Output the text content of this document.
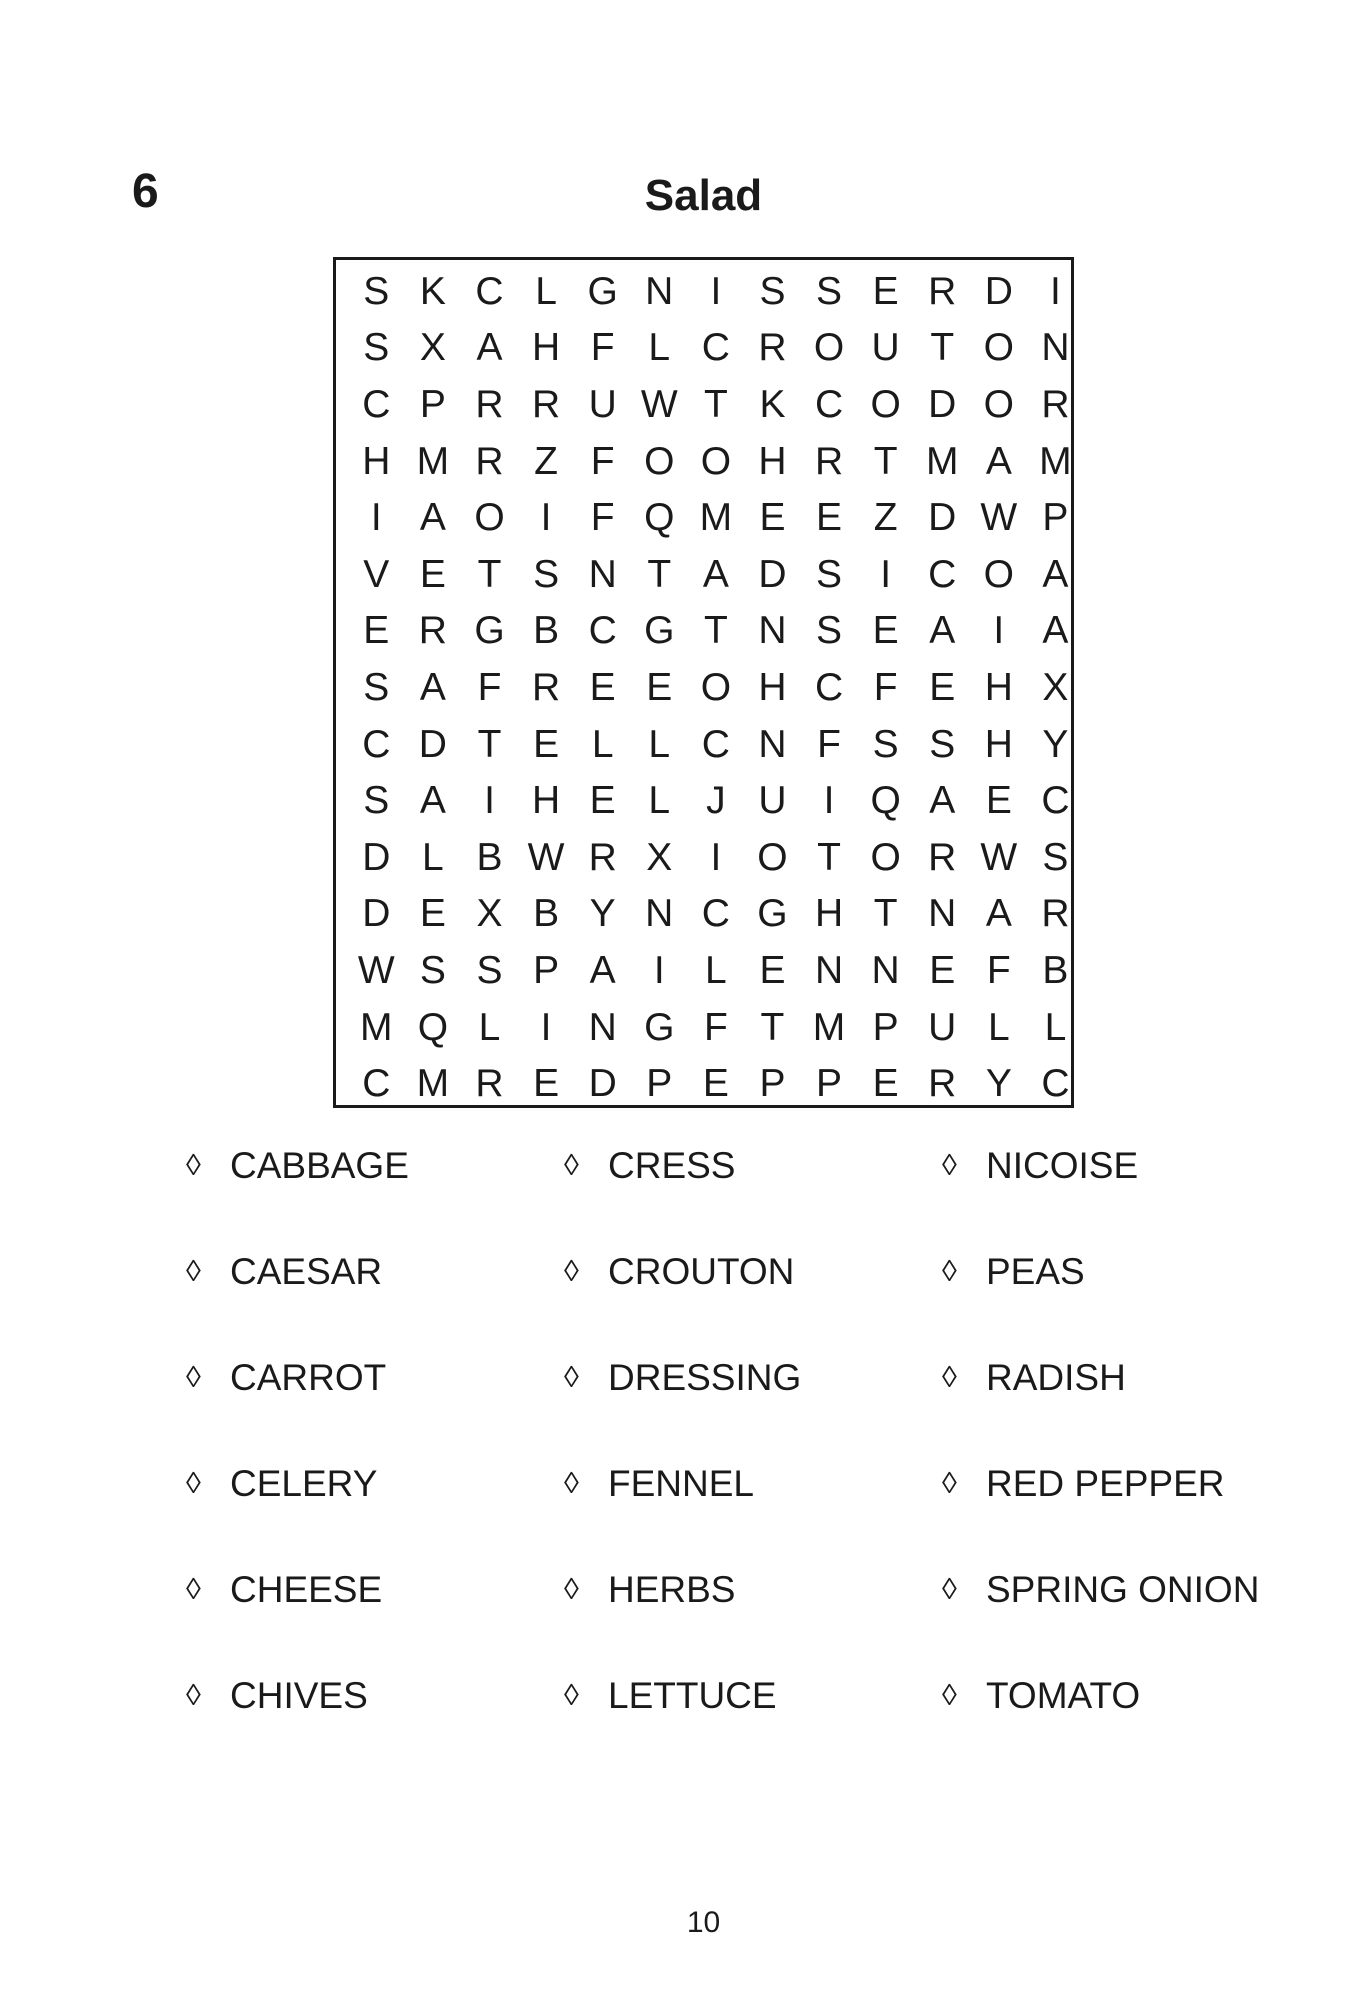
6	Salad
S K C L G N I S S E R D I
S X A H F L C R O U T O N
C P R R U W T K C O D O R
H M R Z F O O H R T M A M
I A O I	F Q M E E Z D W P
V E T S N T A D S I C O A
E R G B C G T N S E A I A
S A F R E E O H C F E H X
C D T E L L C N F S S H Y
S A I H E L J U I Q A E C
D L B W R X I O T O R W S
D E X B Y N C G H T N A R
W S S P A I	L E N N E F B
M Q L	I N G F T M P U L L
C M R E D P E P P E R Y C
◊ CABBAGE	◊ CRESS	◊ NICOISE
◊ CAESAR	◊ CROUTON	◊ PEAS
◊ CARROT	◊ DRESSING	◊ RADISH
◊ CELERY	◊ FENNEL	◊ RED PEPPER
◊ CHEESE	◊ HERBS	◊ SPRING ONION
◊ CHIVES	◊ LETTUCE	◊ TOMATO
10
